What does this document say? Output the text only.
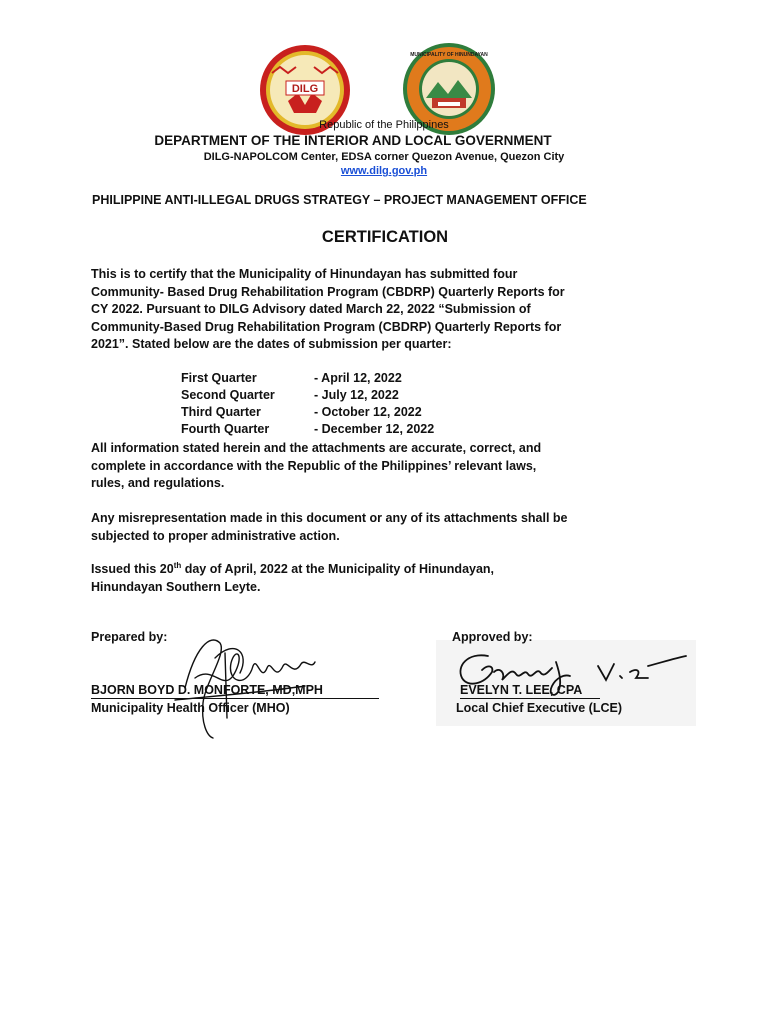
DILG
MUNICIPALITY OF HINUNDAYAN
Republic of the Philippines
DEPARTMENT OF THE INTERIOR AND LOCAL GOVERNMENT
DILG-NAPOLCOM Center, EDSA corner Quezon Avenue, Quezon City
www.dilg.gov.ph
PHILIPPINE ANTI-ILLEGAL DRUGS STRATEGY – PROJECT MANAGEMENT OFFICE
CERTIFICATION
This is to certify that the Municipality of Hinundayan has submitted four
Community- Based Drug Rehabilitation Program (CBDRP) Quarterly Reports for
CY 2022. Pursuant to DILG Advisory dated March 22, 2022 “Submission of
Community-Based Drug Rehabilitation Program (CBDRP) Quarterly Reports for
2021”. Stated below are the dates of submission per quarter:
First Quarter	- April 12, 2022
Second Quarter	- July 12, 2022
Third Quarter	- October 12, 2022
Fourth Quarter	- December 12, 2022
All information stated herein and the attachments are accurate, correct, and
complete in accordance with the Republic of the Philippines’ relevant laws,
rules, and regulations.
Any misrepresentation made in this document or any of its attachments shall be
subjected to proper administrative action.
Issued this 20th day of April, 2022 at the Municipality of Hinundayan,
Hinundayan Southern Leyte.
Prepared by:	Approved by:
BJORN BOYD D. MONFORTE, MD,MPH
Municipality Health Officer (MHO)
EVELYN T. LEE, CPA
Local Chief Executive (LCE)
